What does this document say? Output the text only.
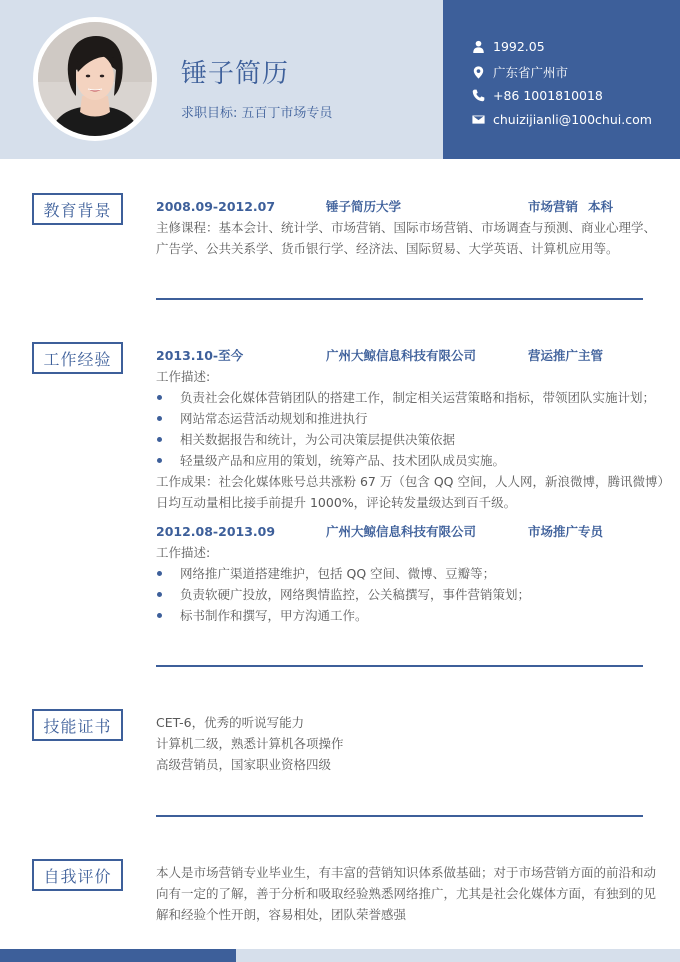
锤子简历
求职目标: 五百丁市场专员
1992.05
广东省广州市
+86 1001810018
chuizijianli@100chui.com
教育背景	2008.09-2012.07	锤子简历大学	市场营销 本科
主修课程：基本会计、统计学、市场营销、国际市场营销、市场调查与预测、商业心理学、
广告学、公共关系学、货币银行学、经济法、国际贸易、大学英语、计算机应用等。
工作经验	2013.10-至今	广州大鲸信息科技有限公司	营运推广主管
工作描述:
负责社会化媒体营销团队的搭建工作，制定相关运营策略和指标，带领团队实施计划；
网站常态运营活动规划和推进执行
相关数据报告和统计，为公司决策层提供决策依据
轻量级产品和应用的策划，统筹产品、技术团队成员实施。
工作成果：社会化媒体账号总共涨粉 67 万（包含 QQ 空间，人人网，新浪微博，腾讯微博）
日均互动量相比接手前提升 1000%，评论转发量级达到百千级。
2012.08-2013.09	广州大鲸信息科技有限公司	市场推广专员
工作描述:
网络推广渠道搭建维护，包括 QQ 空间、微博、豆瓣等；
负责软硬广投放，网络舆情监控，公关稿撰写，事件营销策划；
标书制作和撰写，甲方沟通工作。
技能证书	CET-6，优秀的听说写能力
计算机二级，熟悉计算机各项操作
高级营销员，国家职业资格四级
自我评价	本人是市场营销专业毕业生，有丰富的营销知识体系做基础；对于市场营销方面的前沿和动
向有一定的了解，善于分析和吸取经验熟悉网络推广，尤其是社会化媒体方面，有独到的见
解和经验个性开朗，容易相处，团队荣誉感强
